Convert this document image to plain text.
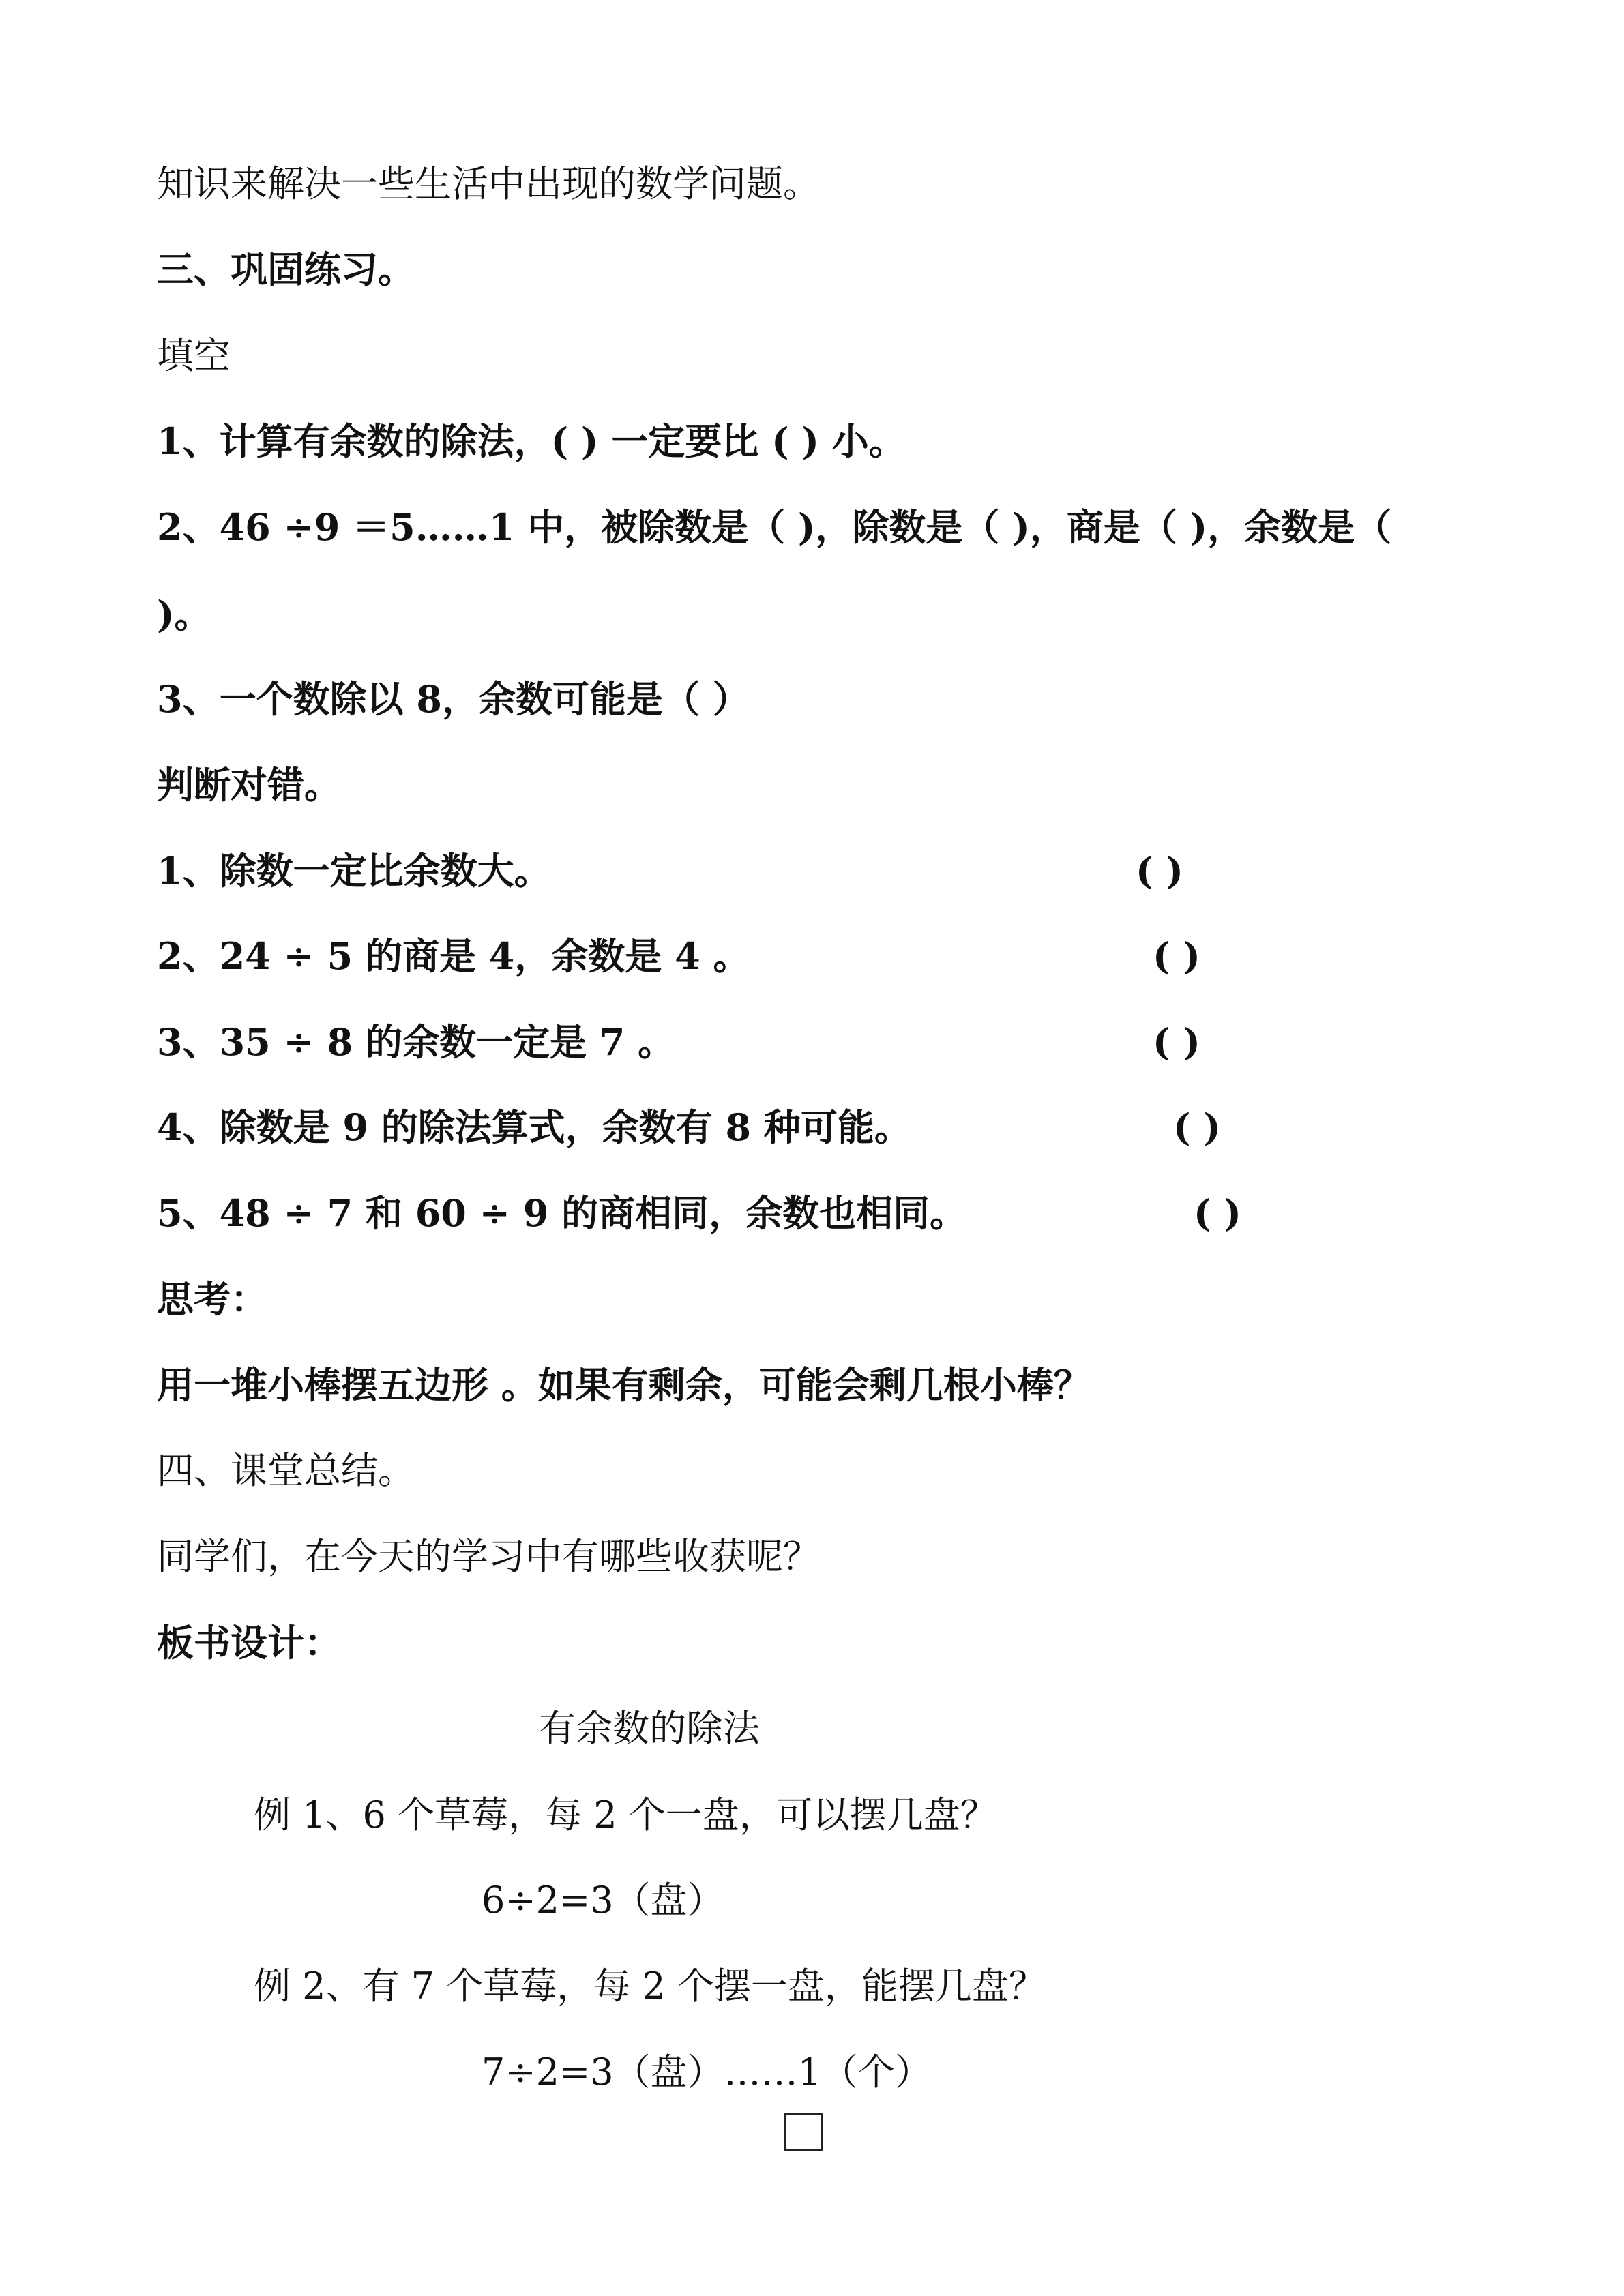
知识来解决一些生活中出现的数学问题。

三、巩固练习。

填空

1、计算有余数的除法，( ) 一定要比 ( ) 小。

2、46 ÷9 ＝5……1 中，被除数是（ )，除数是（ )，商是（ )，余数是（

)。

3、一个数除以 8，余数可能是（ ）

判断对错。

1、除数一定比余数大。	( )

2、24 ÷ 5 的商是 4，余数是 4 。	( )

3、35 ÷ 8 的余数一定是 7 。	( )

4、除数是 9 的除法算式，余数有 8 种可能。	( )

5、48 ÷ 7 和 60 ÷ 9 的商相同，余数也相同。	( )

思考：

用一堆小棒摆五边形 。如果有剩余，可能会剩几根小棒？

四、课堂总结。

同学们，在今天的学习中有哪些收获呢？

板书设计：

有余数的除法
例 1、6 个草莓，每 2 个一盘，可以摆几盘？
6÷2=3（盘）
例 2、有 7 个草莓，每 2 个摆一盘，能摆几盘？
7÷2=3（盘）……1（个）
